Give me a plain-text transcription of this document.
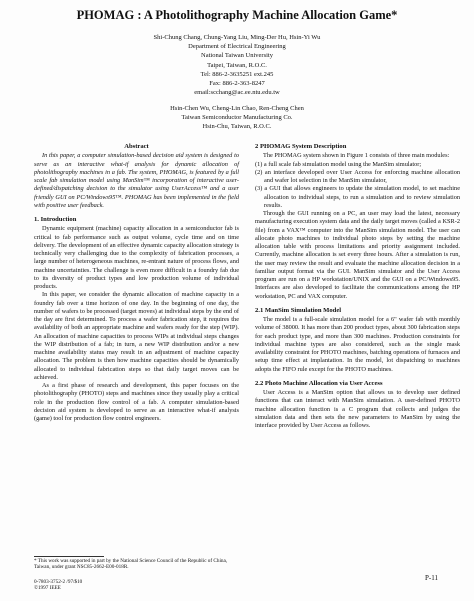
PHOMAG : A Photolithography Machine Allocation Game*
Shi-Chung Chang, Chung-Yang Liu, Ming-Der Hu, Hsin-Yi Wu
Department of Electrical Engineering
National Taiwan University
Taipei, Taiwan, R.O.C.
Tel: 886-2-3635251 ext.245
Fax: 886-2-363-8247
email:scchang@ac.ee.ntu.edu.tw
Hsin-Chen Wu, Cheng-Lin Chao, Ren-Cheng Chen
Taiwan Semiconductor Manufacturing Co.
Hsin-Chu, Taiwan, R.O.C.
Abstract

In this paper, a computer simulation-based decision aid system is designed to serve as an interactive what-if analysis for dynamic allocation of photolithography machines in a fab. The system, PHOMAG, is featured by a full scale fab simulation model using ManSim™ incorporation of interactive user-defined/dispatching decision to the simulator using UserAccess™ and a user friendly GUI on PC/Windows95™. PHOMAG has been implemented in the field with positive user feedback.

1. Introduction

Dynamic equipment (machine) capacity allocation in a semiconductor fab is critical to fab performance such as output volume, cycle time and on time delivery. The development of an effective dynamic capacity allocation strategy is technically very challenging due to the complexity of fabrication processes, a large number of heterogeneous machines, re-entrant nature of process flows, and machine uncertainties. The challenge is even more difficult in a foundry fab due to its diversity of product types and low production volume of individual products.

In this paper, we consider the dynamic allocation of machine capacity in a foundry fab over a time horizon of one day. In the beginning of one day, the number of wafers to be processed (target moves) at individual steps by the end of the day are first determined. To process a wafer fabrication step, it requires the availability of both an appropriate machine and wafers ready for the step (WIP). An allocation of machine capacities to process WIPs at individual steps changes the WIP distribution of a fab; in turn, a new WIP distribution and/or a new machine availability status may result in an adjustment of machine capacity allocation. The problem is then how machine capacities should be dynamically allocated to individual fabrication steps so that daily target moves can be achieved.

As a first phase of research and development, this paper focuses on the photolithography (PHOTO) steps and machines since they usually play a critical role in the production flow control of a fab. A computer simulation-based decision aid system is developed to serve as an interactive what-if analysis (game) tool for production flow control engineers.

* This work was supported in part by the National Science Council of the Republic of China, Taiwan, under grant NSC85-2662-E00-018R.
0-7803-3752-2 /97/$10
©1997 IEEE
2 PHOMAG System Description

The PHOMAG system shown in Figure 1 consists of three main modules:

(1) a full scale fab simulation model using the ManSim simulator;
(2) an interface developed over User Access for enforcing machine allocation and wafer lot selection in the ManSim simulator,
(3) a GUI that allows engineers to update the simulation model, to set machine allocation to individual steps, to run a simulation and to review simulation results.

Through the GUI running on a PC, an user may load the latest, necessary manufacturing execution system data and the daily target moves (called a KSR-2 file) from a VAX™ computer into the ManSim simulation model. The user can allocate photo machines to individual photo steps by setting the machine allocation table with process limitations and priority assignment included. Currently, machine allocation is set every three hours. After a simulation is run, the user may review the result and evaluate the machine allocation decision in a familiar output format via the GUI. ManSim simulator and the User Access program are run on a HP workstation/UNIX and the GUI on a PC/Windows95. Interfaces are also developed to facilitate the communications among the HP workstation, PC and VAX computer.

2.1 ManSim Simulation Model

The model is a full-scale simulation model for a 6" wafer fab with monthly volume of 38000. It has more than 200 product types, about 300 fabrication steps for each product type, and more than 300 machines. Production constraints for individual machine types are also considered, such as the single mask availability constraint for PHOTO machines, batching operations of furnaces and setup time effect at implantation. In the model, lot dispatching to machines adopts the FIFO rule except for the PHOTO machines.

2.2 Photo Machine Allocation via User Access

User Access is a ManSim option that allows us to develop user defined functions that can interact with ManSim simulation. A user-defined PHOTO machine allocation function is a C program that collects and judges the simulation data and then sets the new parameters to ManSim by using the interface provided by User Access as follows.

P-11
